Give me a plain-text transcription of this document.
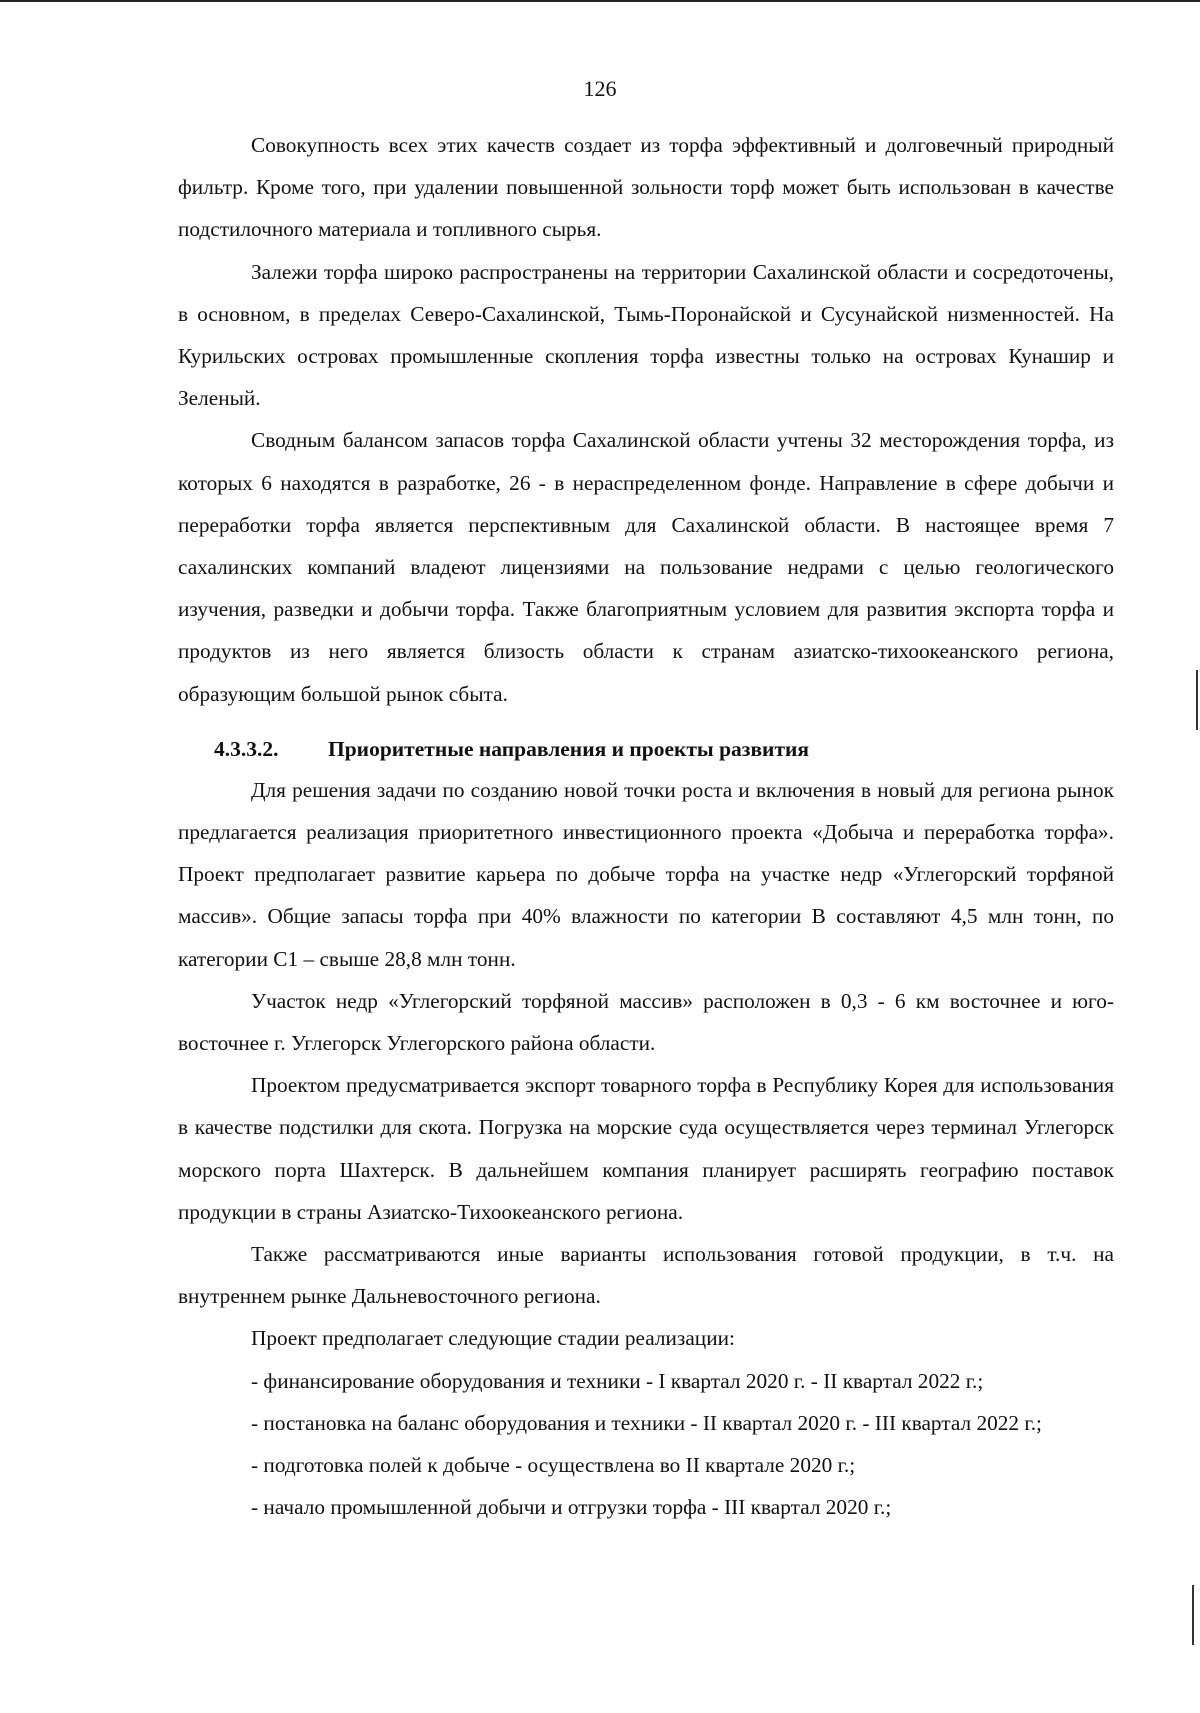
126

Совокупность всех этих качеств создает из торфа эффективный и долговечный природный фильтр. Кроме того, при удалении повышенной зольности торф может быть использован в качестве подстилочного материала и топливного сырья.

Залежи торфа широко распространены на территории Сахалинской области и сосредоточены, в основном, в пределах Северо-Сахалинской, Тымь-Поронайской и Сусунайской низменностей. На Курильских островах промышленные скопления торфа известны только на островах Кунашир и Зеленый.

Сводным балансом запасов торфа Сахалинской области учтены 32 месторождения торфа, из которых 6 находятся в разработке, 26 - в нераспределенном фонде. Направление в сфере добычи и переработки торфа является перспективным для Сахалинской области. В настоящее время 7 сахалинских компаний владеют лицензиями на пользование недрами с целью геологического изучения, разведки и добычи торфа. Также благоприятным условием для развития экспорта торфа и продуктов из него является близость области к странам азиатско-тихоокеанского региона, образующим большой рынок сбыта.

4.3.3.2. Приоритетные направления и проекты развития

Для решения задачи по созданию новой точки роста и включения в новый для региона рынок предлагается реализация приоритетного инвестиционного проекта «Добыча и переработка торфа». Проект предполагает развитие карьера по добыче торфа на участке недр «Углегорский торфяной массив». Общие запасы торфа при 40% влажности по категории В составляют 4,5 млн тонн, по категории С1 – свыше 28,8 млн тонн.

Участок недр «Углегорский торфяной массив» расположен в 0,3 - 6 км восточнее и юго-восточнее г. Углегорск Углегорского района области.

Проектом предусматривается экспорт товарного торфа в Республику Корея для использования в качестве подстилки для скота. Погрузка на морские суда осуществляется через терминал Углегорск морского порта Шахтерск. В дальнейшем компания планирует расширять географию поставок продукции в страны Азиатско-Тихоокеанского региона.

Также рассматриваются иные варианты использования готовой продукции, в т.ч. на внутреннем рынке Дальневосточного региона.

Проект предполагает следующие стадии реализации:

- финансирование оборудования и техники - I квартал 2020 г. - II квартал 2022 г.;

- постановка на баланс оборудования и техники - II квартал 2020 г. - III квартал 2022 г.;

- подготовка полей к добыче - осуществлена во II квартале 2020 г.;

- начало промышленной добычи и отгрузки торфа - III квартал 2020 г.;
